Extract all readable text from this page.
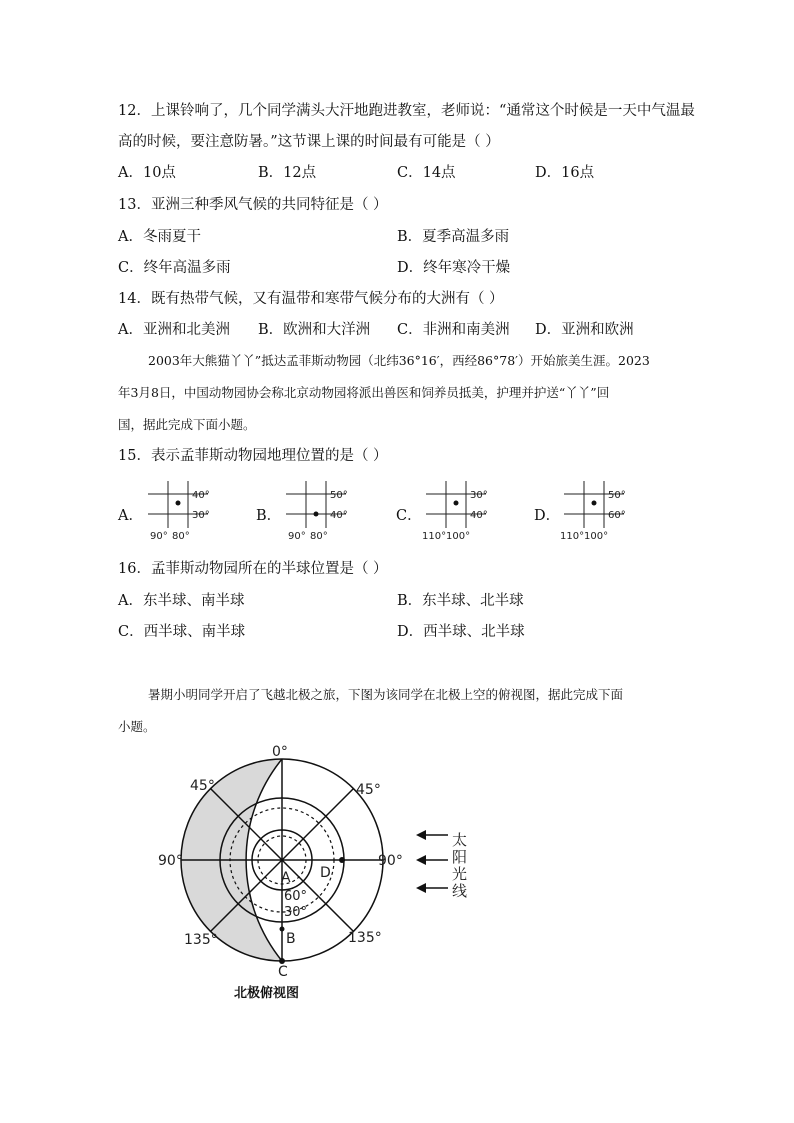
12．上课铃响了，几个同学满头大汗地跑进教室，老师说：“通常这个时候是一天中气温最
高的时候，要注意防暑。”这节课上课的时间最有可能是（ ）
A．10点	B．12点	C．14点	D．16点
13．亚洲三种季风气候的共同特征是（ ）
A．冬雨夏干	B．夏季高温多雨
C．终年高温多雨	D．终年寒冷干燥
14．既有热带气候，又有温带和寒带气候分布的大洲有（ ）
A．亚洲和北美洲 B．欧洲和大洋洲 C．非洲和南美洲 D．亚洲和欧洲
2003年大熊猫丫丫”抵达孟菲斯动物园（北纬36°16′，西经86°78′）开始旅美生涯。2023
年3月8日，中国动物园协会称北京动物园将派出兽医和饲养员抵美，护理并护送“丫丫”回
国，据此完成下面小题。
15．表示孟菲斯动物园地理位置的是（ ）
A．
40°
30°
90° 80°
B．
50°
40°
90° 80°
C．
30°
40°
110° 100°
D．
50°
60°
110° 100°
16．孟菲斯动物园所在的半球位置是（ ）
A．东半球、南半球	B．东半球、北半球
C．西半球、南半球	D．西半球、北半球
暑期小明同学开启了飞越北极之旅，下图为该同学在北极上空的俯视图，据此完成下面
小题。
0°
45°	45°
90°	90°
135°	135°
C
A
B
D
60°
30°
太
阳
光
线
北极俯视图
